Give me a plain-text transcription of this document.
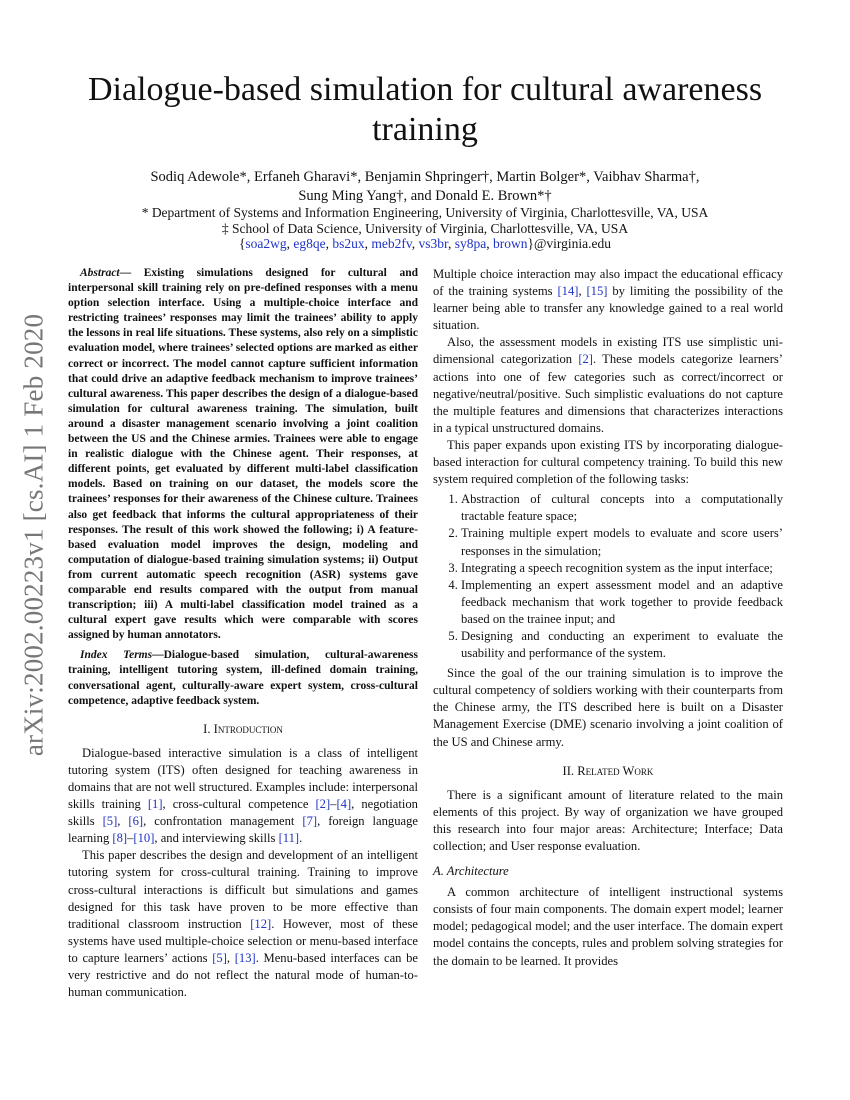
arXiv:2002.00223v1 [cs.AI] 1 Feb 2020
Dialogue-based simulation for cultural awareness training
Sodiq Adewole*, Erfaneh Gharavi*, Benjamin Shpringer†, Martin Bolger*, Vaibhav Sharma†,
Sung Ming Yang†, and Donald E. Brown*†
* Department of Systems and Information Engineering, University of Virginia, Charlottesville, VA, USA
‡ School of Data Science, University of Virginia, Charlottesville, VA, USA
{soa2wg, eg8qe, bs2ux, meb2fv, vs3br, sy8pa, brown}@virginia.edu

Abstract— Existing simulations designed for cultural and interpersonal skill training rely on pre-defined responses with a menu option selection interface. Using a multiple-choice interface and restricting trainees’ responses may limit the trainees’ ability to apply the lessons in real life situations. These systems, also rely on a simplistic evaluation model, where trainees’ selected options are marked as either correct or incorrect. The model cannot capture sufficient information that could drive an adaptive feedback mechanism to improve trainees’ cultural awareness. This paper describes the design of a dialogue-based simulation for cultural awareness training. The simulation, built around a disaster management scenario involving a joint coalition between the US and the Chinese armies. Trainees were able to engage in realistic dialogue with the Chinese agent. Their responses, at different points, get evaluated by different multi-label classification models. Based on training on our dataset, the models score the trainees’ responses for their awareness of the Chinese culture. Trainees also get feedback that informs the cultural appropriateness of their responses. The result of this work showed the following; i) A feature-based evaluation model improves the design, modeling and computation of dialogue-based training simulation systems; ii) Output from current automatic speech recognition (ASR) systems gave comparable end results compared with the output from manual transcription; iii) A multi-label classification model trained as a cultural expert gave results which were comparable with scores assigned by human annotators.

Index Terms—Dialogue-based simulation, cultural-awareness training, intelligent tutoring system, ill-defined domain training, conversational agent, culturally-aware expert system, cross-cultural competence, adaptive feedback system.

I. Introduction

Dialogue-based interactive simulation is a class of intelligent tutoring system (ITS) often designed for teaching awareness in domains that are not well structured. Examples include: interpersonal skills training [1], cross-cultural competence [2]–[4], negotiation skills [5], [6], confrontation management [7], foreign language learning [8]–[10], and interviewing skills [11].

This paper describes the design and development of an intelligent tutoring system for cross-cultural training. Training to improve cross-cultural interactions is difficult but simulations and games designed for this task have proven to be more effective than traditional classroom instruction [12]. However, most of these systems have used multiple-choice selection or menu-based interface to capture learners’ actions [5], [13]. Menu-based interfaces can be very restrictive and do not reflect the natural mode of human-to-human communication.

Multiple choice interaction may also impact the educational efficacy of the training systems [14], [15] by limiting the possibility of the learner being able to transfer any knowledge gained to a real world situation.

Also, the assessment models in existing ITS use simplistic uni-dimensional categorization [2]. These models categorize learners’ actions into one of few categories such as correct/incorrect or negative/neutral/positive. Such simplistic evaluations do not capture the multiple features and dimensions that characterizes interactions in a typical unstructured domains.

This paper expands upon existing ITS by incorporating dialogue-based interaction for cultural competency training. To build this new system required completion of the following tasks:

1. Abstraction of cultural concepts into a computationally tractable feature space;
2. Training multiple expert models to evaluate and score users’ responses in the simulation;
3. Integrating a speech recognition system as the input interface;
4. Implementing an expert assessment model and an adaptive feedback mechanism that work together to provide feedback based on the trainee input; and
5. Designing and conducting an experiment to evaluate the usability and performance of the system.

Since the goal of the our training simulation is to improve the cultural competency of soldiers working with their counterparts from the Chinese army, the ITS described here is built on a Disaster Management Exercise (DME) scenario involving a joint coalition of the US and Chinese army.

II. Related Work

There is a significant amount of literature related to the main elements of this project. By way of organization we have grouped this research into four major areas: Architecture; Interface; Data collection; and User response evaluation.

A. Architecture

A common architecture of intelligent instructional systems consists of four main components. The domain expert model; learner model; pedagogical model; and the user interface. The domain expert model contains the concepts, rules and problem solving strategies for the domain to be learned. It provides
